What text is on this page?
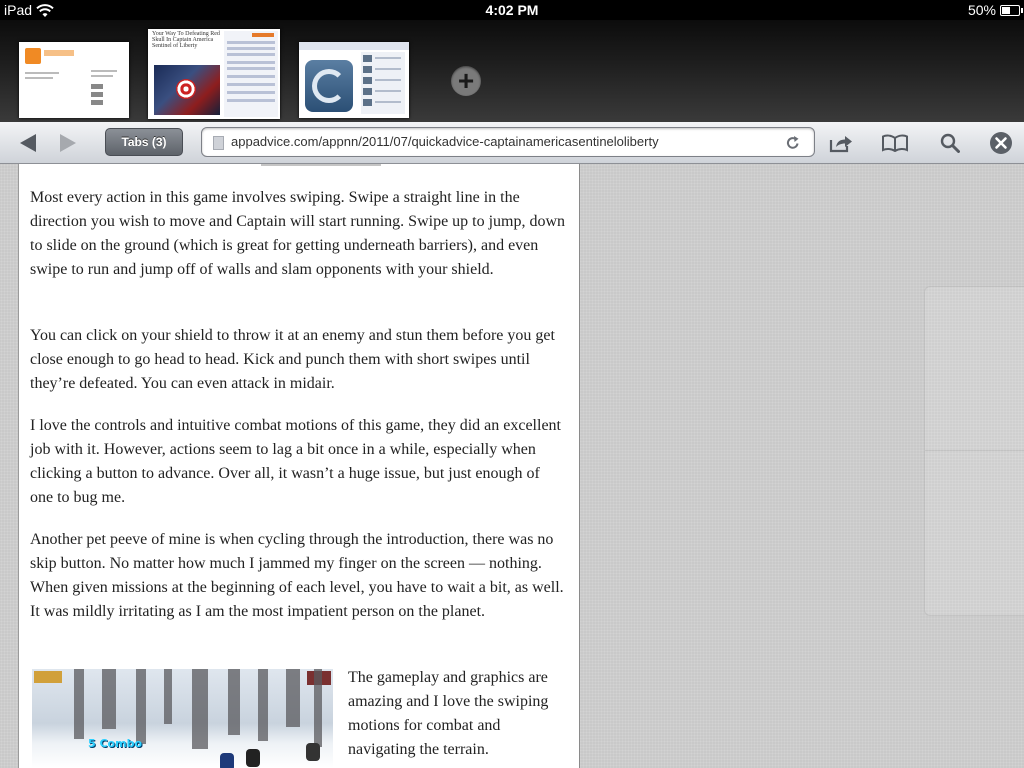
iPad	4:02 PM	50%
Your Way To Defeating Red Skull In Captain America Sentinel of Liberty
+
Tabs (3)	appadvice.com/appnn/2011/07/quickadvice-captainamericasentineloliberty

Most every action in this game involves swiping. Swipe a straight line in the direction you wish to move and Captain will start running. Swipe up to jump, down to slide on the ground (which is great for getting underneath barriers), and even swipe to run and jump off of walls and slam opponents with your shield.

You can click on your shield to throw it at an enemy and stun them before you get close enough to go head to head. Kick and punch them with short swipes until they’re defeated. You can even attack in midair.

I love the controls and intuitive combat motions of this game, they did an excellent job with it. However, actions seem to lag a bit once in a while, especially when clicking a button to advance. Over all, it wasn’t a huge issue, but just enough of one to bug me.

Another pet peeve of mine is when cycling through the introduction, there was no skip button. No matter how much I jammed my finger on the screen — nothing. When given missions at the beginning of each level, you have to wait a bit, as well. It was mildly irritating as I am the most impatient person on the planet.

5 Combo

The gameplay and graphics are amazing and I love the swiping motions for combat and navigating the terrain.
